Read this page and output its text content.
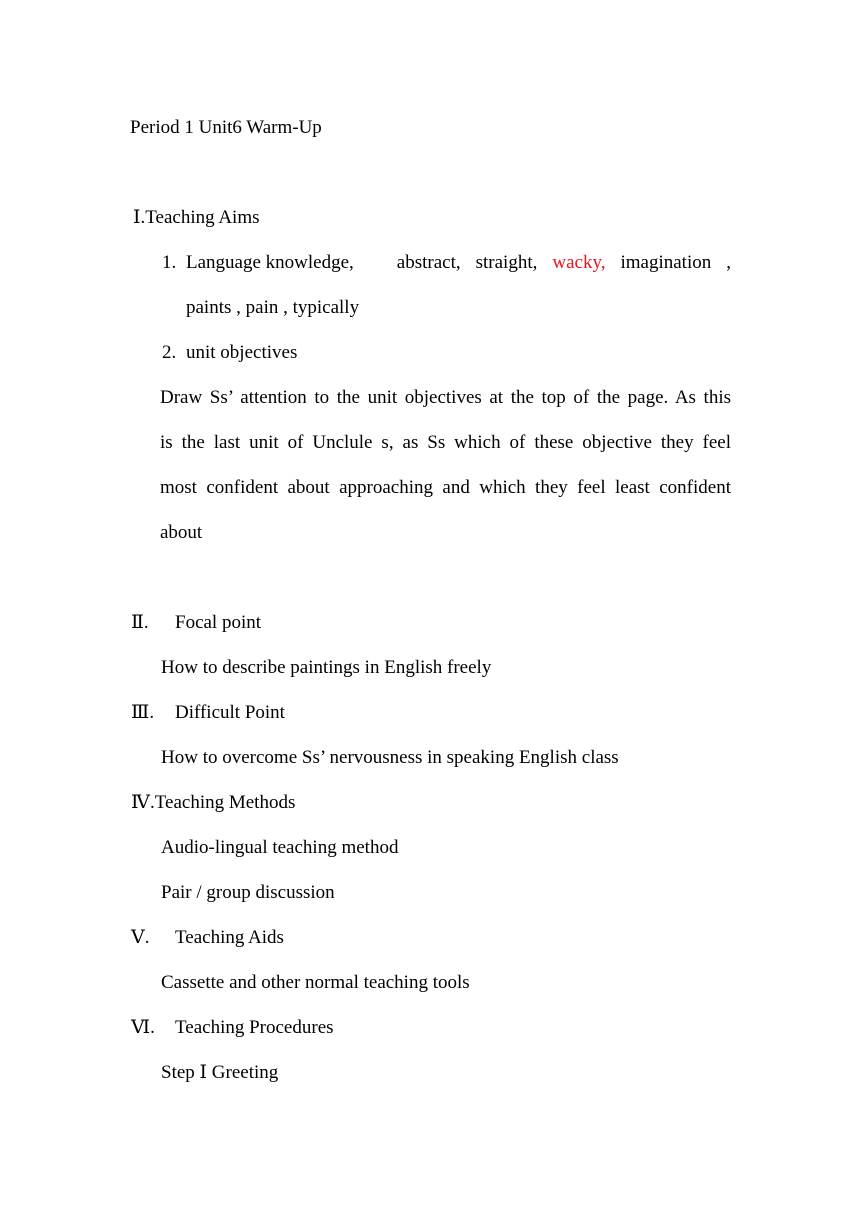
Period 1 Unit6 Warm-Up
Ⅰ.Teaching Aims
1. Language knowledge, abstract, straight, wacky, imagination ,
paints , pain , typically
2. unit objectives
Draw Ss’ attention to the unit objectives at the top of the page. As this
is the last unit of Unclule s, as Ss which of these objective they feel
most confident about approaching and which they feel least confident
about
Ⅱ. Focal point
How to describe paintings in English freely
Ⅲ. Difficult Point
How to overcome Ss’ nervousness in speaking English class
Ⅳ.Teaching Methods
Audio-lingual teaching method
Pair / group discussion
Ⅴ. Teaching Aids
Cassette and other normal teaching tools
Ⅵ. Teaching Procedures
Step Ⅰ Greeting
